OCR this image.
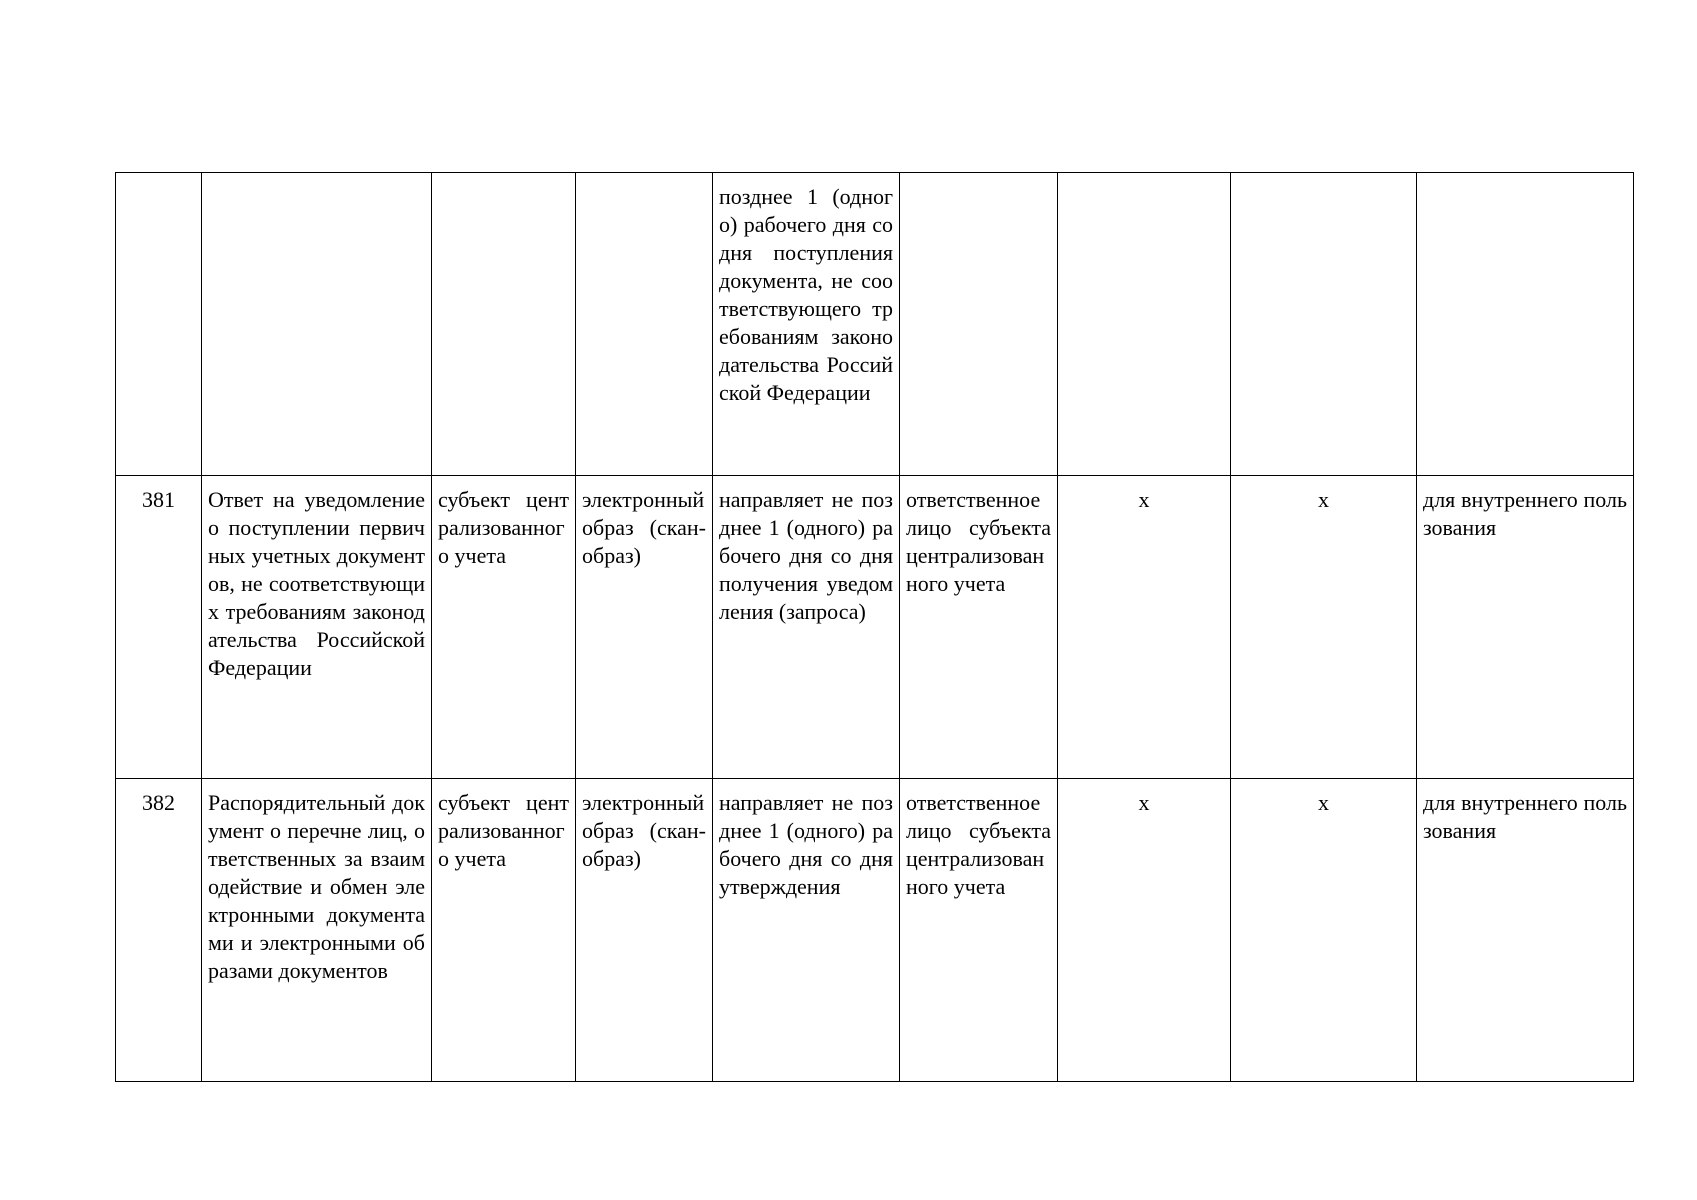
				позднее 1 (одного) рабочего дня со дня поступления документа, не соответствующего требованиям законодательства Российской Федерации				
381	Ответ на уведомление о поступлении первичных учетных документов, не соответствующих требованиям законодательства Российской Федерации	субъект централизованного учета	электронный образ (скан-образ)	направляет не позднее 1 (одного) рабочего дня со дня получения уведомления (запроса)	ответственное лицо субъекта централизованного учета	x	x	для внутреннего пользования
382	Распорядительный документ о перечне лиц, ответственных за взаимодействие и обмен электронными документами и электронными образами документов	субъект централизованного учета	электронный образ (скан-образ)	направляет не позднее 1 (одного) рабочего дня со дня утверждения	ответственное лицо субъекта централизованного учета	x	x	для внутреннего пользования
